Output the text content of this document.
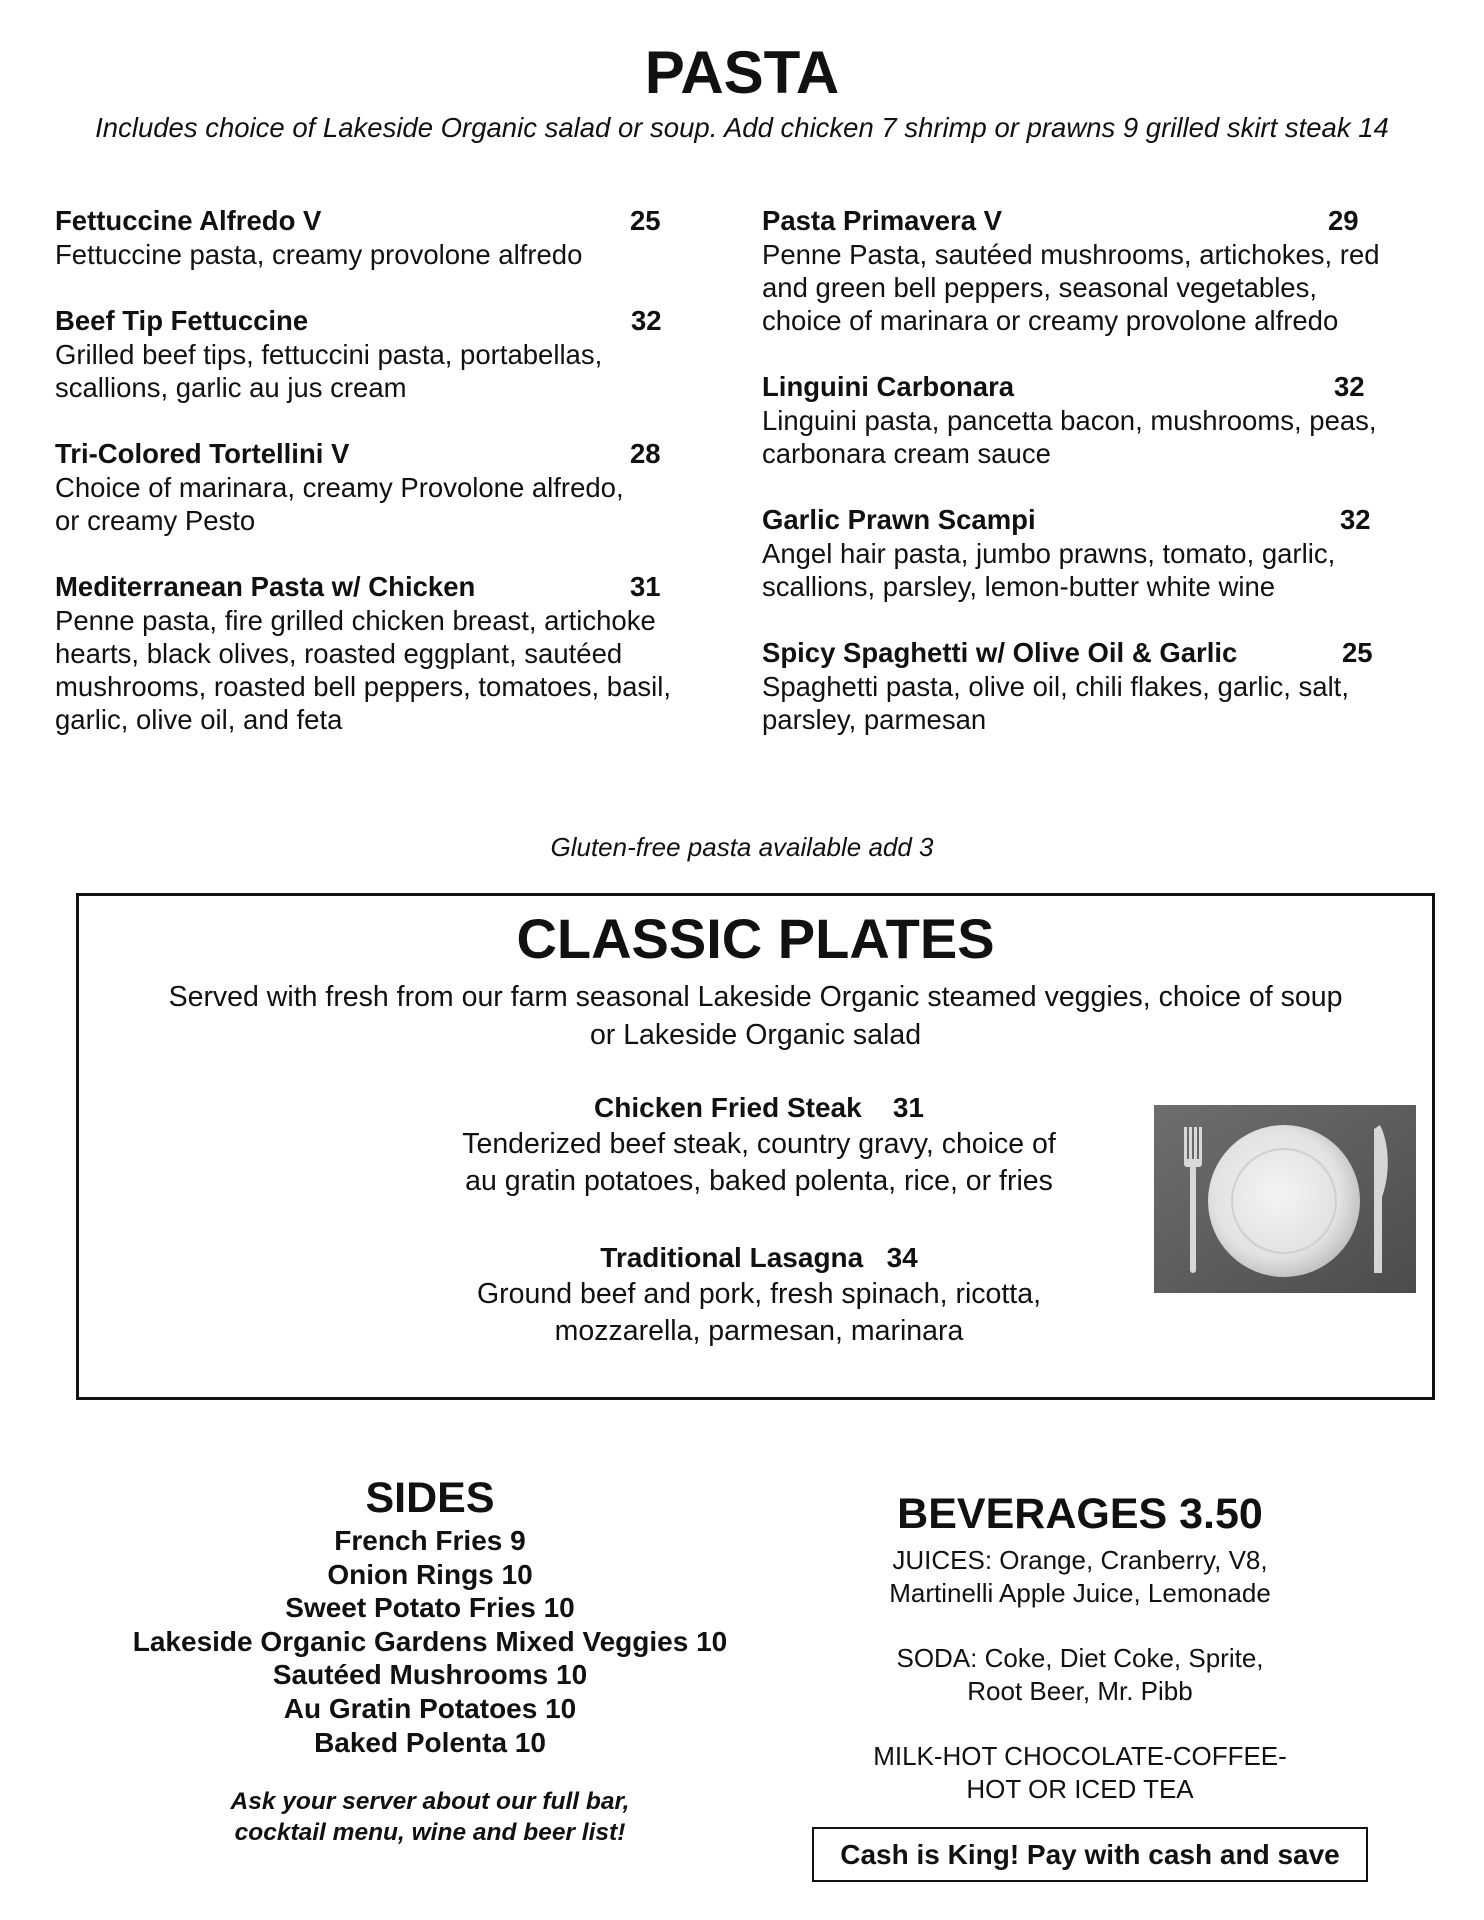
PASTA
Includes choice of Lakeside Organic salad or soup. Add chicken 7 shrimp or prawns 9 grilled skirt steak 14
Fettuccine Alfredo V	25
Fettuccine pasta, creamy provolone alfredo
Beef Tip Fettuccine	32
Grilled beef tips, fettuccini pasta, portabellas,
scallions, garlic au jus cream
Tri-Colored Tortellini V	28
Choice of marinara, creamy Provolone alfredo,
or creamy Pesto
Mediterranean Pasta w/ Chicken	31
Penne pasta, fire grilled chicken breast, artichoke
hearts, black olives, roasted eggplant, sautéed
mushrooms, roasted bell peppers, tomatoes, basil,
garlic, olive oil, and feta
Pasta Primavera V	29
Penne Pasta, sautéed mushrooms, artichokes, red
and green bell peppers, seasonal vegetables,
choice of marinara or creamy provolone alfredo
Linguini Carbonara	32
Linguini pasta, pancetta bacon, mushrooms, peas,
carbonara cream sauce
Garlic Prawn Scampi	32
Angel hair pasta, jumbo prawns, tomato, garlic,
scallions, parsley, lemon-butter white wine
Spicy Spaghetti w/ Olive Oil & Garlic	25
Spaghetti pasta, olive oil, chili flakes, garlic, salt,
parsley, parmesan
Gluten-free pasta available add 3
CLASSIC PLATES
Served with fresh from our farm seasonal Lakeside Organic steamed veggies, choice of soup
or Lakeside Organic salad
Chicken Fried Steak 31
Tenderized beef steak, country gravy, choice of
au gratin potatoes, baked polenta, rice, or fries
Traditional Lasagna 34
Ground beef and pork, fresh spinach, ricotta,
mozzarella, parmesan, marinara
SIDES
French Fries 9
Onion Rings 10
Sweet Potato Fries 10
Lakeside Organic Gardens Mixed Veggies 10
Sautéed Mushrooms 10
Au Gratin Potatoes 10
Baked Polenta 10
Ask your server about our full bar,
cocktail menu, wine and beer list!
BEVERAGES 3.50
JUICES: Orange, Cranberry, V8,
Martinelli Apple Juice, Lemonade
SODA: Coke, Diet Coke, Sprite,
Root Beer, Mr. Pibb
MILK-HOT CHOCOLATE-COFFEE-
HOT OR ICED TEA
Cash is King! Pay with cash and save
